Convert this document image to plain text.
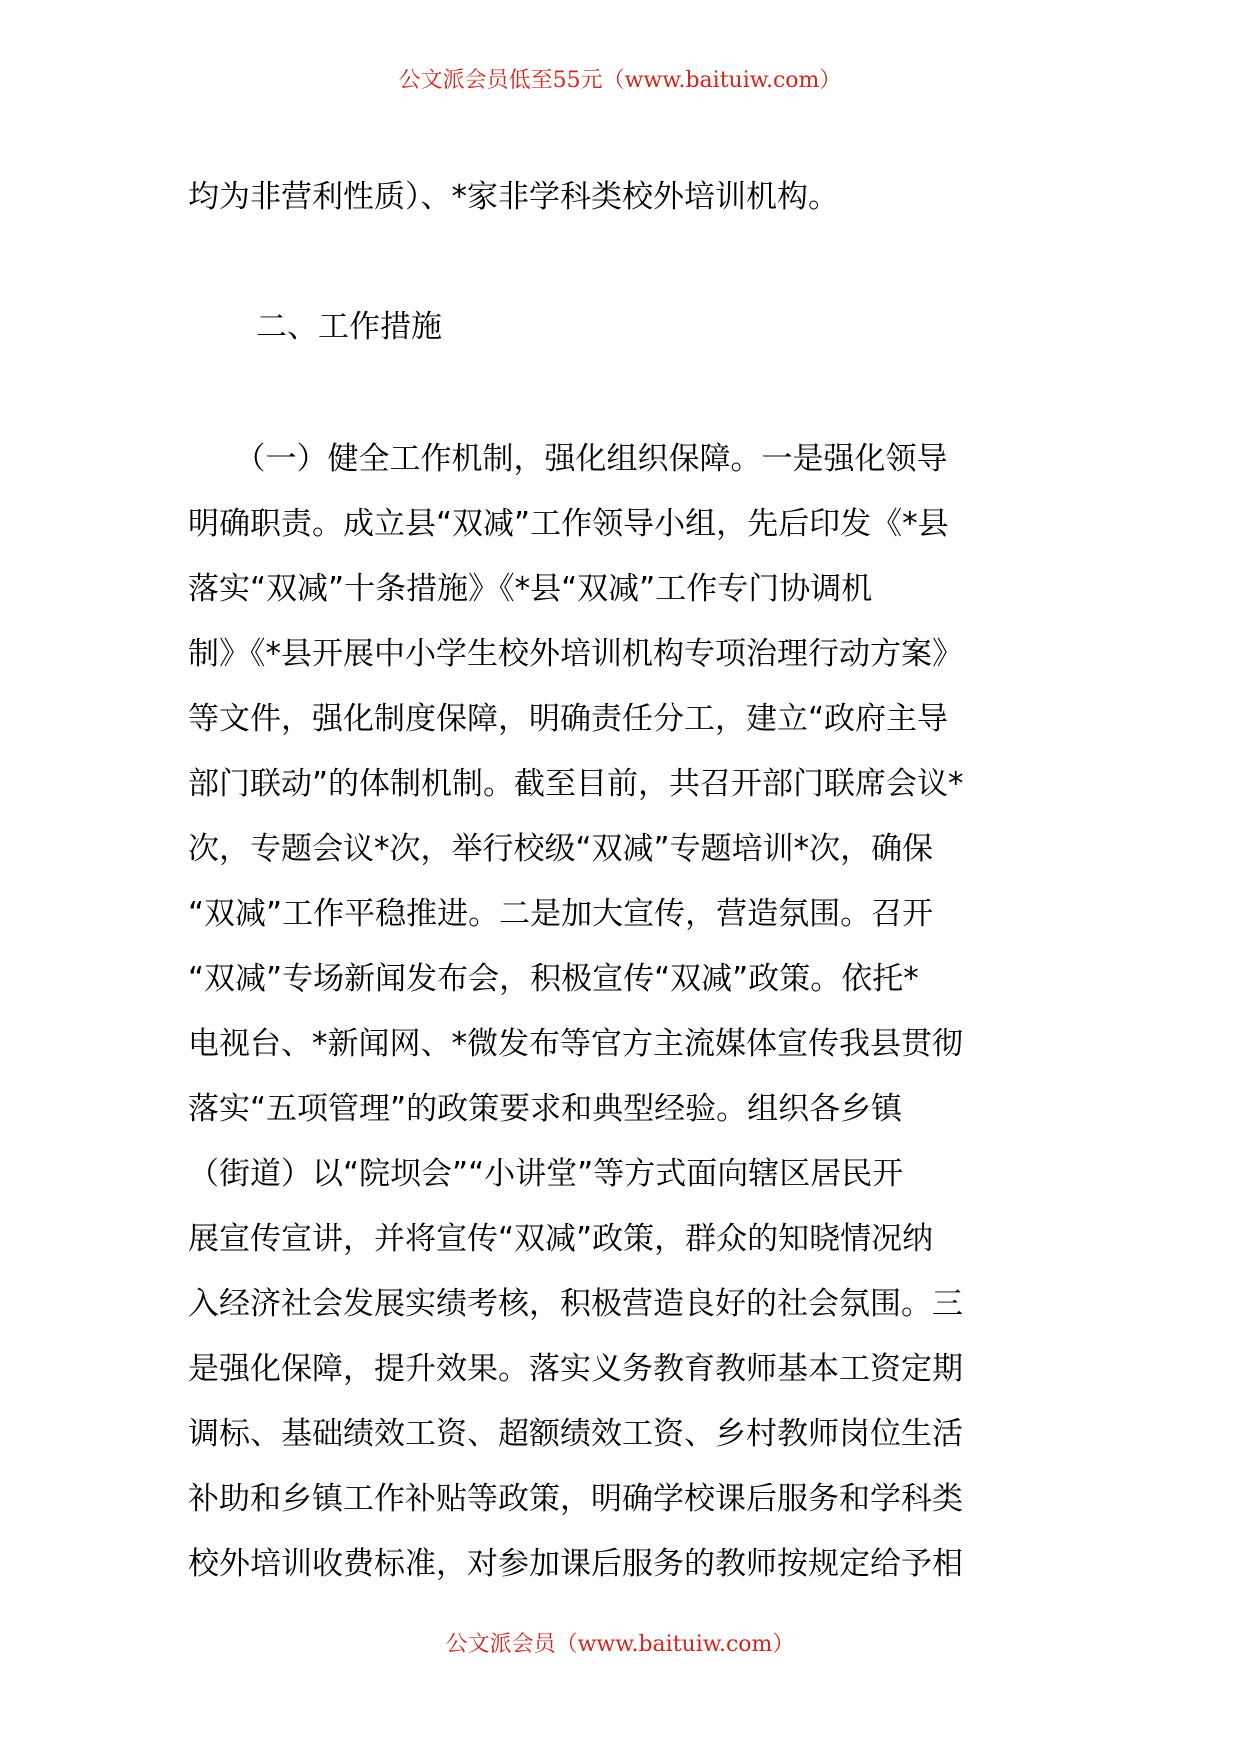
公文派会员低至55元（www.baituiw.com）
均为非营利性质）、*家非学科类校外培训机构。
二、工作措施
　　（一）健全工作机制，强化组织保障。一是强化领导
明确职责。成立县“双减”工作领导小组，先后印发《*县
落实“双减”十条措施》《*县“双减”工作专门协调机
制》《*县开展中小学生校外培训机构专项治理行动方案》
等文件，强化制度保障，明确责任分工，建立“政府主导
部门联动”的体制机制。截至目前，共召开部门联席会议*
次，专题会议*次，举行校级“双减”专题培训*次，确保
“双减”工作平稳推进。二是加大宣传，营造氛围。召开
“双减”专场新闻发布会，积极宣传“双减”政策。依托*
电视台、*新闻网、*微发布等官方主流媒体宣传我县贯彻
落实“五项管理”的政策要求和典型经验。组织各乡镇
（街道）以“院坝会”“小讲堂”等方式面向辖区居民开
展宣传宣讲，并将宣传“双减”政策，群众的知晓情况纳
入经济社会发展实绩考核，积极营造良好的社会氛围。三
是强化保障，提升效果。落实义务教育教师基本工资定期
调标、基础绩效工资、超额绩效工资、乡村教师岗位生活
补助和乡镇工作补贴等政策，明确学校课后服务和学科类
校外培训收费标准，对参加课后服务的教师按规定给予相
公文派会员（www.baituiw.com）
